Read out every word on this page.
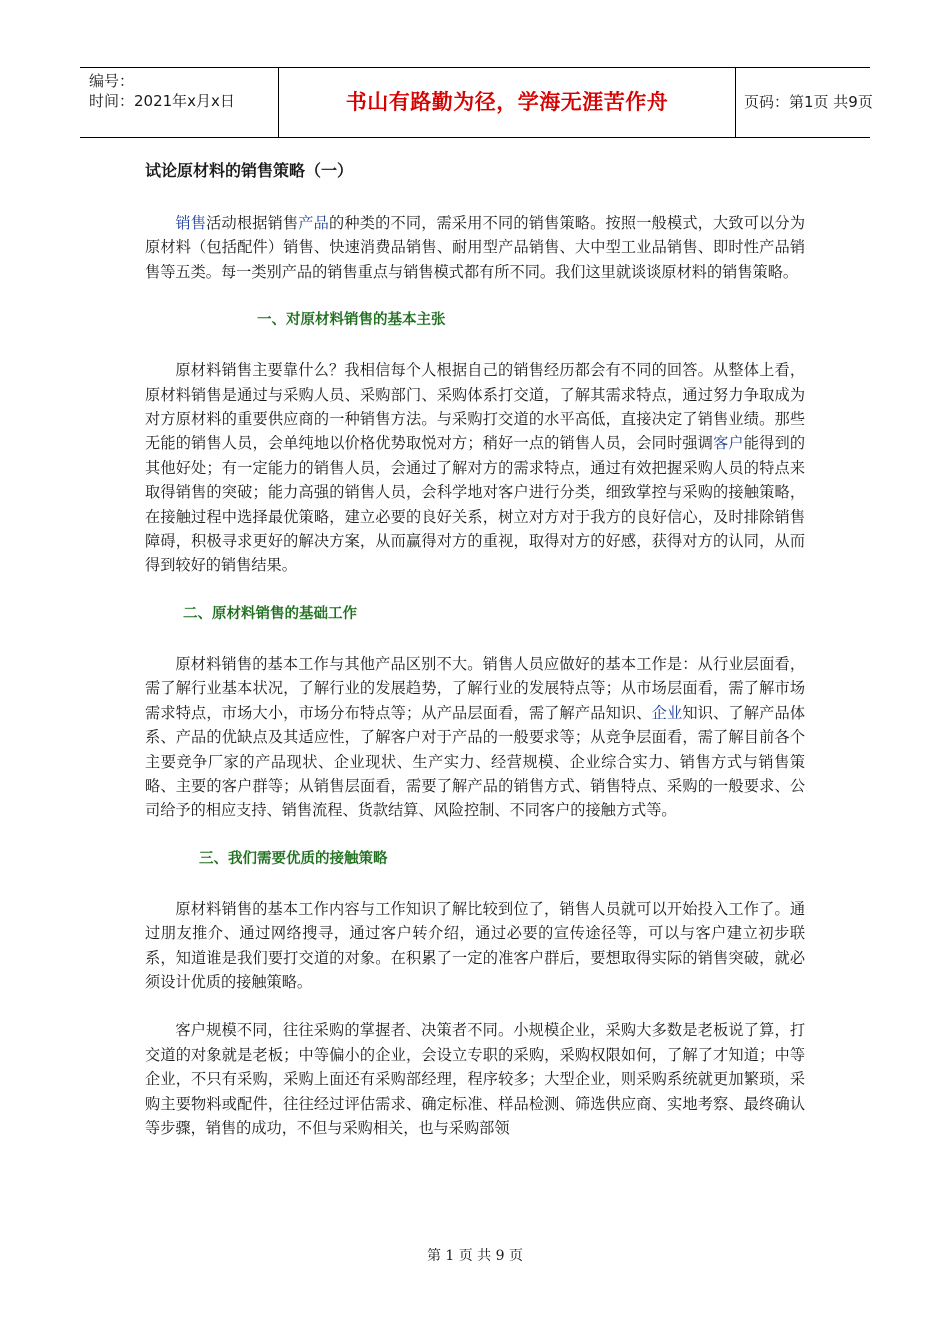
编号：
时间：2021年x月x日	书山有路勤为径，学海无涯苦作舟	页码：第1页 共9页
试论原材料的销售策略（一）

销售活动根据销售产品的种类的不同，需采用不同的销售策略。按照一般模式，大致可以分为原材料（包括配件）销售、快速消费品销售、耐用型产品销售、大中型工业品销售、即时性产品销售等五类。每一类别产品的销售重点与销售模式都有所不同。我们这里就谈谈原材料的销售策略。

一、对原材料销售的基本主张

原材料销售主要靠什么？我相信每个人根据自己的销售经历都会有不同的回答。从整体上看，原材料销售是通过与采购人员、采购部门、采购体系打交道，了解其需求特点，通过努力争取成为对方原材料的重要供应商的一种销售方法。与采购打交道的水平高低，直接决定了销售业绩。那些无能的销售人员，会单纯地以价格优势取悦对方；稍好一点的销售人员，会同时强调客户能得到的其他好处；有一定能力的销售人员，会通过了解对方的需求特点，通过有效把握采购人员的特点来取得销售的突破；能力高强的销售人员，会科学地对客户进行分类，细致掌控与采购的接触策略，在接触过程中选择最优策略，建立必要的良好关系，树立对方对于我方的良好信心，及时排除销售障碍，积极寻求更好的解决方案，从而赢得对方的重视，取得对方的好感，获得对方的认同，从而得到较好的销售结果。

二、原材料销售的基础工作

原材料销售的基本工作与其他产品区别不大。销售人员应做好的基本工作是：从行业层面看，需了解行业基本状况，了解行业的发展趋势，了解行业的发展特点等；从市场层面看，需了解市场需求特点，市场大小，市场分布特点等；从产品层面看，需了解产品知识、企业知识、了解产品体系、产品的优缺点及其适应性，了解客户对于产品的一般要求等；从竞争层面看，需了解目前各个主要竞争厂家的产品现状、企业现状、生产实力、经营规模、企业综合实力、销售方式与销售策略、主要的客户群等；从销售层面看，需要了解产品的销售方式、销售特点、采购的一般要求、公司给予的相应支持、销售流程、货款结算、风险控制、不同客户的接触方式等。

三、我们需要优质的接触策略

原材料销售的基本工作内容与工作知识了解比较到位了，销售人员就可以开始投入工作了。通过朋友推介、通过网络搜寻，通过客户转介绍，通过必要的宣传途径等，可以与客户建立初步联系，知道谁是我们要打交道的对象。在积累了一定的准客户群后，要想取得实际的销售突破，就必须设计优质的接触策略。

客户规模不同，往往采购的掌握者、决策者不同。小规模企业，采购大多数是老板说了算，打交道的对象就是老板；中等偏小的企业，会设立专职的采购，采购权限如何，了解了才知道；中等企业，不只有采购，采购上面还有采购部经理，程序较多；大型企业，则采购系统就更加繁琐，采购主要物料或配件，往往经过评估需求、确定标准、样品检测、筛选供应商、实地考察、最终确认等步骤，销售的成功，不但与采购相关，也与采购部领

第 1 页 共 9 页
